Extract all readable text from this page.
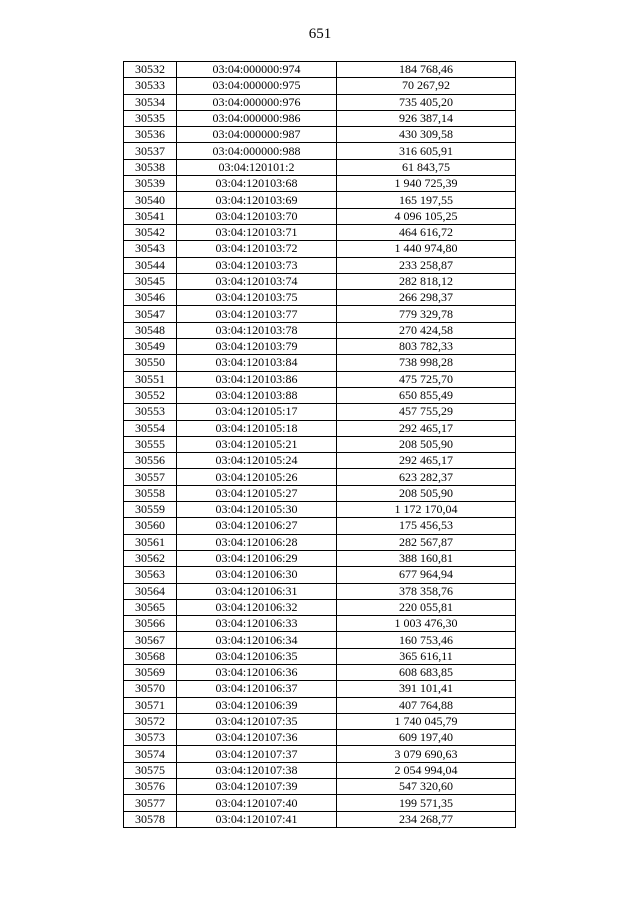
651
30532	03:04:000000:974	184 768,46
30533	03:04:000000:975	70 267,92
30534	03:04:000000:976	735 405,20
30535	03:04:000000:986	926 387,14
30536	03:04:000000:987	430 309,58
30537	03:04:000000:988	316 605,91
30538	03:04:120101:2	61 843,75
30539	03:04:120103:68	1 940 725,39
30540	03:04:120103:69	165 197,55
30541	03:04:120103:70	4 096 105,25
30542	03:04:120103:71	464 616,72
30543	03:04:120103:72	1 440 974,80
30544	03:04:120103:73	233 258,87
30545	03:04:120103:74	282 818,12
30546	03:04:120103:75	266 298,37
30547	03:04:120103:77	779 329,78
30548	03:04:120103:78	270 424,58
30549	03:04:120103:79	803 782,33
30550	03:04:120103:84	738 998,28
30551	03:04:120103:86	475 725,70
30552	03:04:120103:88	650 855,49
30553	03:04:120105:17	457 755,29
30554	03:04:120105:18	292 465,17
30555	03:04:120105:21	208 505,90
30556	03:04:120105:24	292 465,17
30557	03:04:120105:26	623 282,37
30558	03:04:120105:27	208 505,90
30559	03:04:120105:30	1 172 170,04
30560	03:04:120106:27	175 456,53
30561	03:04:120106:28	282 567,87
30562	03:04:120106:29	388 160,81
30563	03:04:120106:30	677 964,94
30564	03:04:120106:31	378 358,76
30565	03:04:120106:32	220 055,81
30566	03:04:120106:33	1 003 476,30
30567	03:04:120106:34	160 753,46
30568	03:04:120106:35	365 616,11
30569	03:04:120106:36	608 683,85
30570	03:04:120106:37	391 101,41
30571	03:04:120106:39	407 764,88
30572	03:04:120107:35	1 740 045,79
30573	03:04:120107:36	609 197,40
30574	03:04:120107:37	3 079 690,63
30575	03:04:120107:38	2 054 994,04
30576	03:04:120107:39	547 320,60
30577	03:04:120107:40	199 571,35
30578	03:04:120107:41	234 268,77
